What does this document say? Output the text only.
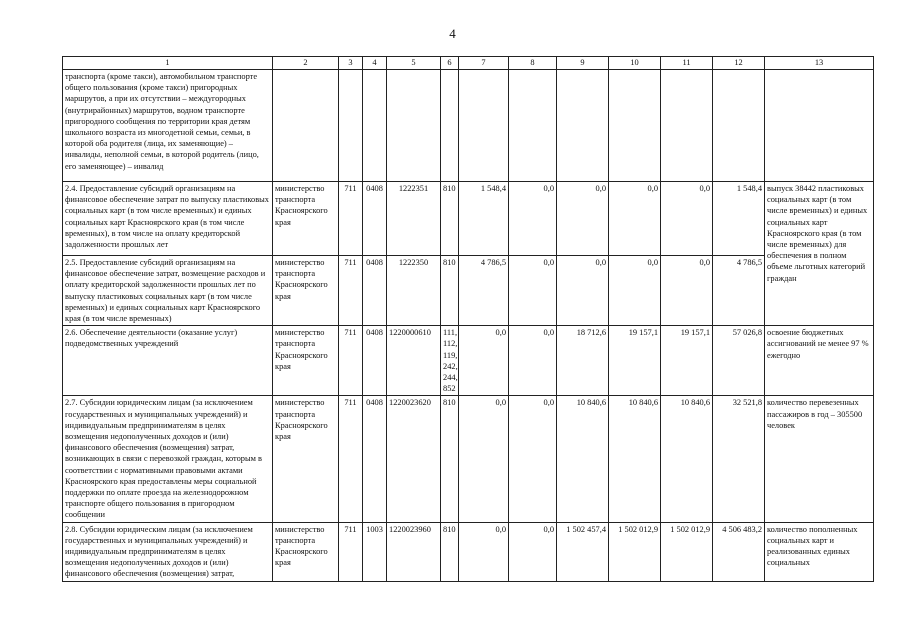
4
1	2	3	4	5	6	7	8	9	10	11	12	13
транспорта (кроме такси), автомобильном транспорте общего пользования (кроме такси) пригородных маршрутов, а при их отсутствии – междугородных (внутрирайонных) маршрутов, водном транспорте пригородного сообщения по территории края детям школьного возраста из многодетной семьи, семьи, в которой оба родителя (лица, их заменяющие) – инвалиды, неполной семьи, в которой родитель (лицо, его заменяющее) – инвалид												
2.4. Предоставление субсидий организациям на финансовое обеспечение затрат по выпуску пластиковых социальных карт (в том числе временных) и единых социальных карт Красноярского края (в том числе временных), в том числе на оплату кредиторской задолженности прошлых лет	министерство транспорта Красноярского края	711	0408	1222351	810	1 548,4	0,0	0,0	0,0	0,0	1 548,4	выпуск 38442 пластиковых социальных карт (в том числе временных) и единых социальных карт Красноярского края (в том числе временных) для обеспечения в полном объеме льготных категорий граждан
2.5. Предоставление субсидий организациям на финансовое обеспечение затрат, возмещение расходов и оплату кредиторской задолженности прошлых лет по выпуску пластиковых социальных карт (в том числе временных) и единых социальных карт Красноярского края (в том числе временных)	министерство транспорта Красноярского края	711	0408	1222350	810	4 786,5	0,0	0,0	0,0	0,0	4 786,5	
2.6. Обеспечение деятельности (оказание услуг) подведомственных учреждений	министерство транспорта Красноярского края	711	0408	1220000610	111, 112, 119, 242, 244, 852	0,0	0,0	18 712,6	19 157,1	19 157,1	57 026,8	освоение бюджетных ассигнований не менее 97 % ежегодно
2.7. Субсидии юридическим лицам (за исключением государственных и муниципальных учреждений) и индивидуальным предпринимателям в целях возмещения недополученных доходов и (или) финансового обеспечения (возмещения) затрат, возникающих в связи с перевозкой граждан, которым в соответствии с нормативными правовыми актами Красноярского края предоставлены меры социальной поддержки по оплате проезда на железнодорожном транспорте общего пользования в пригородном сообщении	министерство транспорта Красноярского края	711	0408	1220023620	810	0,0	0,0	10 840,6	10 840,6	10 840,6	32 521,8	количество перевезенных пассажиров в год – 305500 человек
2.8. Субсидии юридическим лицам (за исключением государственных и муниципальных учреждений) и индивидуальным предпринимателям в целях возмещения недополученных доходов и (или) финансового обеспечения (возмещения) затрат,	министерство транспорта Красноярского края	711	1003	1220023960	810	0,0	0,0	1 502 457,4	1 502 012,9	1 502 012,9	4 506 483,2	количество пополненных социальных карт и реализованных единых социальных
